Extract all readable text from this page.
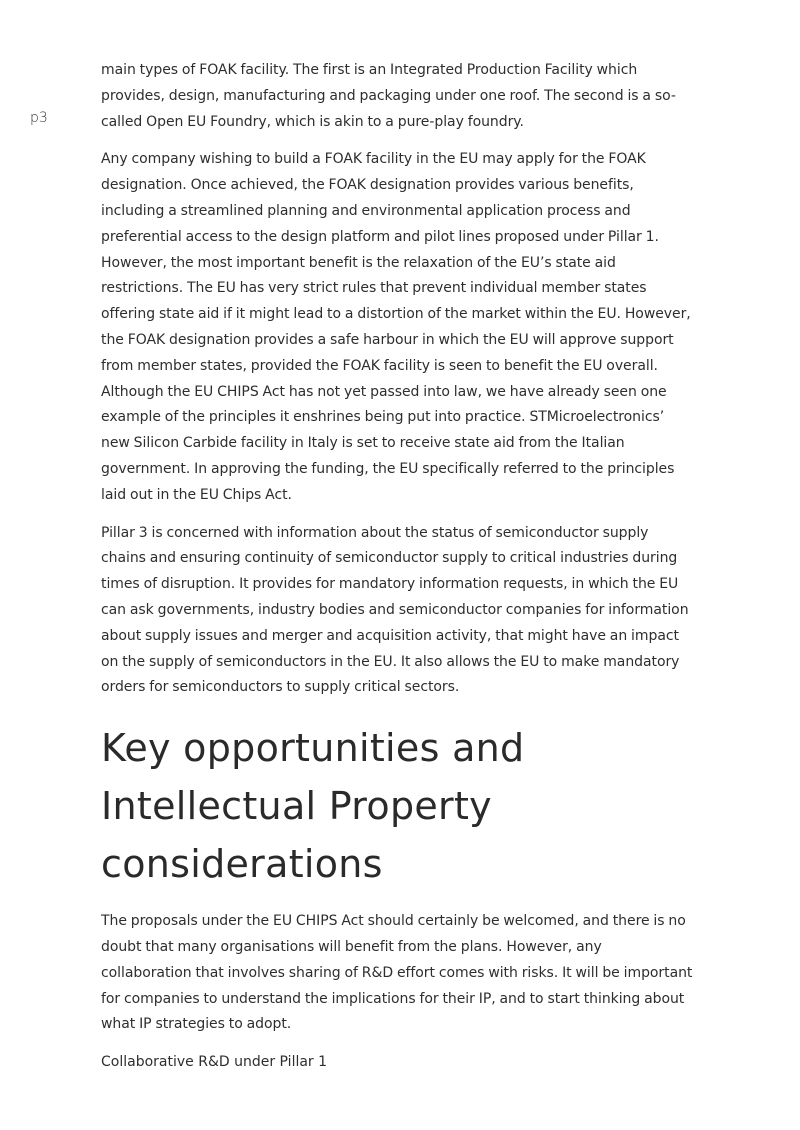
p3

main types of FOAK facility. The first is an Integrated Production Facility which provides, design, manufacturing and packaging under one roof. The second is a so-called Open EU Foundry, which is akin to a pure-play foundry.

Any company wishing to build a FOAK facility in the EU may apply for the FOAK designation. Once achieved, the FOAK designation provides various benefits, including a streamlined planning and environmental application process and preferential access to the design platform and pilot lines proposed under Pillar 1. However, the most important benefit is the relaxation of the EU’s state aid restrictions. The EU has very strict rules that prevent individual member states offering state aid if it might lead to a distortion of the market within the EU. However, the FOAK designation provides a safe harbour in which the EU will approve support from member states, provided the FOAK facility is seen to benefit the EU overall. Although the EU CHIPS Act has not yet passed into law, we have already seen one example of the principles it enshrines being put into practice. STMicroelectronics’ new Silicon Carbide facility in Italy is set to receive state aid from the Italian government. In approving the funding, the EU specifically referred to the principles laid out in the EU Chips Act.

Pillar 3 is concerned with information about the status of semiconductor supply chains and ensuring continuity of semiconductor supply to critical industries during times of disruption. It provides for mandatory information requests, in which the EU can ask governments, industry bodies and semiconductor companies for information about supply issues and merger and acquisition activity, that might have an impact on the supply of semiconductors in the EU. It also allows the EU to make mandatory orders for semiconductors to supply critical sectors.

Key opportunities and Intellectual Property considerations

The proposals under the EU CHIPS Act should certainly be welcomed, and there is no doubt that many organisations will benefit from the plans. However, any collaboration that involves sharing of R&D effort comes with risks. It will be important for companies to understand the implications for their IP, and to start thinking about what IP strategies to adopt.

Collaborative R&D under Pillar 1
